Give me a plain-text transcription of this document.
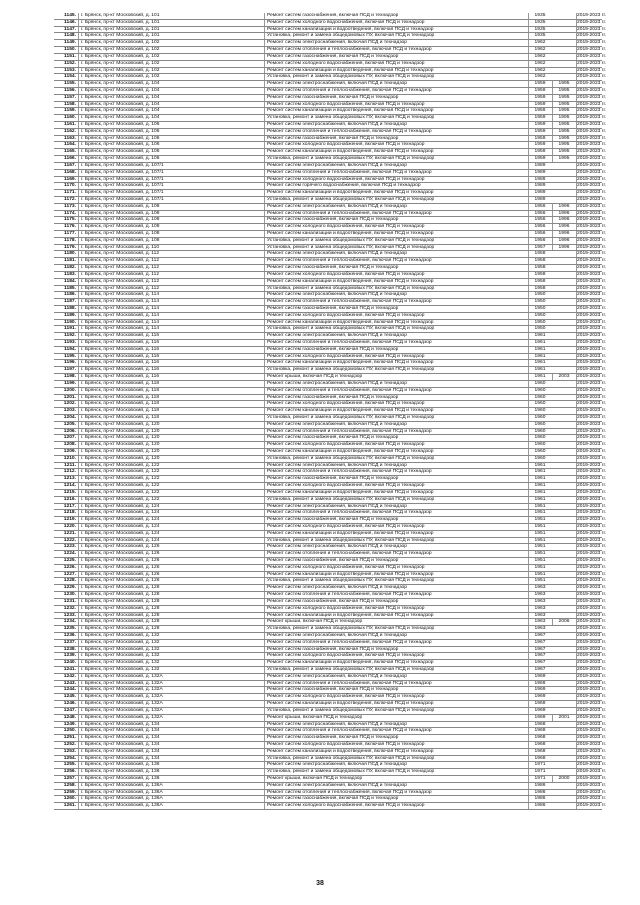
1145.	г. Брянск, пр-кт Московский, д. 101	Ремонт систем газоснабжения, включая ПСД и технадзор	1935	2019-2023 гг.
1146.	г. Брянск, пр-кт Московский, д. 101	Ремонт систем холодного водоснабжения, включая ПСД и технадзор	1935	2019-2023 гг.
1147.	г. Брянск, пр-кт Московский, д. 101	Ремонт систем канализации и водоотведения, включая ПСД и технадзор	1935	2019-2023 гг.
1148.	г. Брянск, пр-кт Московский, д. 101	Установка, ремонт и замена общедомовых ПУ, включая ПСД и технадзор	1935	2019-2023 гг.
1149.	г. Брянск, пр-кт Московский, д. 102	Ремонт систем электроснабжения, включая ПСД и технадзор	1962	2019-2023 гг.
1150.	г. Брянск, пр-кт Московский, д. 102	Ремонт систем отопления и теплоснабжения, включая ПСД и технадзор	1962	2019-2023 гг.
1151.	г. Брянск, пр-кт Московский, д. 102	Ремонт систем газоснабжения, включая ПСД и технадзор	1962	2019-2023 гг.
1152.	г. Брянск, пр-кт Московский, д. 102	Ремонт систем холодного водоснабжения, включая ПСД и технадзор	1962	2019-2023 гг.
1153.	г. Брянск, пр-кт Московский, д. 102	Ремонт систем канализации и водоотведения, включая ПСД и технадзор	1962	2019-2023 гг.
1154.	г. Брянск, пр-кт Московский, д. 102	Установка, ремонт и замена общедомовых ПУ, включая ПСД и технадзор	1962	2019-2023 гг.
1155.	г. Брянск, пр-кт Московский, д. 104	Ремонт систем электроснабжения, включая ПСД и технадзор	1959	1995	2019-2023 гг.
1156.	г. Брянск, пр-кт Московский, д. 104	Ремонт систем отопления и теплоснабжения, включая ПСД и технадзор	1959	1995	2019-2023 гг.
1157.	г. Брянск, пр-кт Московский, д. 104	Ремонт систем газоснабжения, включая ПСД и технадзор	1959	1995	2019-2023 гг.
1158.	г. Брянск, пр-кт Московский, д. 104	Ремонт систем холодного водоснабжения, включая ПСД и технадзор	1959	1995	2019-2023 гг.
1159.	г. Брянск, пр-кт Московский, д. 104	Ремонт систем канализации и водоотведения, включая ПСД и технадзор	1959	1995	2019-2023 гг.
1160.	г. Брянск, пр-кт Московский, д. 104	Установка, ремонт и замена общедомовых ПУ, включая ПСД и технадзор	1959	1995	2019-2023 гг.
1161.	г. Брянск, пр-кт Московский, д. 106	Ремонт систем электроснабжения, включая ПСД и технадзор	1959	1995	2019-2023 гг.
1162.	г. Брянск, пр-кт Московский, д. 106	Ремонт систем отопления и теплоснабжения, включая ПСД и технадзор	1959	1995	2019-2023 гг.
1163.	г. Брянск, пр-кт Московский, д. 106	Ремонт систем газоснабжения, включая ПСД и технадзор	1959	1995	2019-2023 гг.
1164.	г. Брянск, пр-кт Московский, д. 106	Ремонт систем холодного водоснабжения, включая ПСД и технадзор	1959	1995	2019-2023 гг.
1165.	г. Брянск, пр-кт Московский, д. 106	Ремонт систем канализации и водоотведения, включая ПСД и технадзор	1959	1995	2019-2023 гг.
1166.	г. Брянск, пр-кт Московский, д. 106	Установка, ремонт и замена общедомовых ПУ, включая ПСД и технадзор	1959	1995	2019-2023 гг.
1167.	г. Брянск, пр-кт Московский, д. 107/1	Ремонт систем электроснабжения, включая ПСД и технадзор	1989	2019-2023 гг.
1168.	г. Брянск, пр-кт Московский, д. 107/1	Ремонт систем отопления и теплоснабжения, включая ПСД и технадзор	1989	2019-2023 гг.
1169.	г. Брянск, пр-кт Московский, д. 107/1	Ремонт систем холодного водоснабжения, включая ПСД и технадзор	1989	2019-2023 гг.
1170.	г. Брянск, пр-кт Московский, д. 107/1	Ремонт систем горячего водоснабжения, включая ПСД и технадзор	1989	2019-2023 гг.
1171.	г. Брянск, пр-кт Московский, д. 107/1	Ремонт систем канализации и водоотведения, включая ПСД и технадзор	1989	2019-2023 гг.
1172.	г. Брянск, пр-кт Московский, д. 107/1	Установка, ремонт и замена общедомовых ПУ, включая ПСД и технадзор	1989	2019-2023 гг.
1173.	г. Брянск, пр-кт Московский, д. 108	Ремонт систем электроснабжения, включая ПСД и технадзор	1956	1996	2019-2023 гг.
1174.	г. Брянск, пр-кт Московский, д. 108	Ремонт систем отопления и теплоснабжения, включая ПСД и технадзор	1956	1996	2019-2023 гг.
1175.	г. Брянск, пр-кт Московский, д. 108	Ремонт систем газоснабжения, включая ПСД и технадзор	1956	1996	2019-2023 гг.
1176.	г. Брянск, пр-кт Московский, д. 108	Ремонт систем холодного водоснабжения, включая ПСД и технадзор	1956	1996	2019-2023 гг.
1177.	г. Брянск, пр-кт Московский, д. 108	Ремонт систем канализации и водоотведения, включая ПСД и технадзор	1956	1996	2019-2023 гг.
1178.	г. Брянск, пр-кт Московский, д. 108	Установка, ремонт и замена общедомовых ПУ, включая ПСД и технадзор	1956	1996	2019-2023 гг.
1179.	г. Брянск, пр-кт Московский, д. 110	Установка, ремонт и замена общедомовых ПУ, включая ПСД и технадзор	1957	1996	2019-2023 гг.
1180.	г. Брянск, пр-кт Московский, д. 112	Ремонт систем электроснабжения, включая ПСД и технадзор	1958	2019-2023 гг.
1181.	г. Брянск, пр-кт Московский, д. 112	Ремонт систем отопления и теплоснабжения, включая ПСД и технадзор	1958	2019-2023 гг.
1182.	г. Брянск, пр-кт Московский, д. 112	Ремонт систем газоснабжения, включая ПСД и технадзор	1958	2019-2023 гг.
1183.	г. Брянск, пр-кт Московский, д. 112	Ремонт систем холодного водоснабжения, включая ПСД и технадзор	1958	2019-2023 гг.
1184.	г. Брянск, пр-кт Московский, д. 112	Ремонт систем канализации и водоотведения, включая ПСД и технадзор	1958	2019-2023 гг.
1185.	г. Брянск, пр-кт Московский, д. 112	Установка, ремонт и замена общедомовых ПУ, включая ПСД и технадзор	1958	2019-2023 гг.
1186.	г. Брянск, пр-кт Московский, д. 114	Ремонт систем электроснабжения, включая ПСД и технадзор	1950	2019-2023 гг.
1187.	г. Брянск, пр-кт Московский, д. 114	Ремонт систем отопления и теплоснабжения, включая ПСД и технадзор	1950	2019-2023 гг.
1188.	г. Брянск, пр-кт Московский, д. 114	Ремонт систем газоснабжения, включая ПСД и технадзор	1950	2019-2023 гг.
1189.	г. Брянск, пр-кт Московский, д. 114	Ремонт систем холодного водоснабжения, включая ПСД и технадзор	1950	2019-2023 гг.
1190.	г. Брянск, пр-кт Московский, д. 114	Ремонт систем канализации и водоотведения, включая ПСД и технадзор	1950	2019-2023 гг.
1191.	г. Брянск, пр-кт Московский, д. 114	Установка, ремонт и замена общедомовых ПУ, включая ПСД и технадзор	1950	2019-2023 гг.
1192.	г. Брянск, пр-кт Московский, д. 116	Ремонт систем электроснабжения, включая ПСД и технадзор	1961	2019-2023 гг.
1193.	г. Брянск, пр-кт Московский, д. 116	Ремонт систем отопления и теплоснабжения, включая ПСД и технадзор	1961	2019-2023 гг.
1194.	г. Брянск, пр-кт Московский, д. 116	Ремонт систем газоснабжения, включая ПСД и технадзор	1961	2019-2023 гг.
1195.	г. Брянск, пр-кт Московский, д. 116	Ремонт систем холодного водоснабжения, включая ПСД и технадзор	1961	2019-2023 гг.
1196.	г. Брянск, пр-кт Московский, д. 116	Ремонт систем канализации и водоотведения, включая ПСД и технадзор	1961	2019-2023 гг.
1197.	г. Брянск, пр-кт Московский, д. 116	Установка, ремонт и замена общедомовых ПУ, включая ПСД и технадзор	1961	2019-2023 гг.
1198.	г. Брянск, пр-кт Московский, д. 116	Ремонт крыши, включая ПСД и технадзор	1961	2003	2019-2023 гг.
1199.	г. Брянск, пр-кт Московский, д. 118	Ремонт систем электроснабжения, включая ПСД и технадзор	1960	2019-2023 гг.
1200.	г. Брянск, пр-кт Московский, д. 118	Ремонт систем отопления и теплоснабжения, включая ПСД и технадзор	1960	2019-2023 гг.
1201.	г. Брянск, пр-кт Московский, д. 118	Ремонт систем газоснабжения, включая ПСД и технадзор	1960	2019-2023 гг.
1202.	г. Брянск, пр-кт Московский, д. 118	Ремонт систем холодного водоснабжения, включая ПСД и технадзор	1960	2019-2023 гг.
1203.	г. Брянск, пр-кт Московский, д. 118	Ремонт систем канализации и водоотведения, включая ПСД и технадзор	1960	2019-2023 гг.
1204.	г. Брянск, пр-кт Московский, д. 118	Установка, ремонт и замена общедомовых ПУ, включая ПСД и технадзор	1960	2019-2023 гг.
1205.	г. Брянск, пр-кт Московский, д. 120	Ремонт систем электроснабжения, включая ПСД и технадзор	1960	2019-2023 гг.
1206.	г. Брянск, пр-кт Московский, д. 120	Ремонт систем отопления и теплоснабжения, включая ПСД и технадзор	1960	2019-2023 гг.
1207.	г. Брянск, пр-кт Московский, д. 120	Ремонт систем газоснабжения, включая ПСД и технадзор	1960	2019-2023 гг.
1208.	г. Брянск, пр-кт Московский, д. 120	Ремонт систем холодного водоснабжения, включая ПСД и технадзор	1960	2019-2023 гг.
1209.	г. Брянск, пр-кт Московский, д. 120	Ремонт систем канализации и водоотведения, включая ПСД и технадзор	1960	2019-2023 гг.
1210.	г. Брянск, пр-кт Московский, д. 120	Установка, ремонт и замена общедомовых ПУ, включая ПСД и технадзор	1960	2019-2023 гг.
1211.	г. Брянск, пр-кт Московский, д. 122	Ремонт систем электроснабжения, включая ПСД и технадзор	1961	2019-2023 гг.
1212.	г. Брянск, пр-кт Московский, д. 122	Ремонт систем отопления и теплоснабжения, включая ПСД и технадзор	1961	2019-2023 гг.
1213.	г. Брянск, пр-кт Московский, д. 122	Ремонт систем газоснабжения, включая ПСД и технадзор	1961	2019-2023 гг.
1214.	г. Брянск, пр-кт Московский, д. 122	Ремонт систем холодного водоснабжения, включая ПСД и технадзор	1961	2019-2023 гг.
1215.	г. Брянск, пр-кт Московский, д. 122	Ремонт систем канализации и водоотведения, включая ПСД и технадзор	1961	2019-2023 гг.
1216.	г. Брянск, пр-кт Московский, д. 122	Установка, ремонт и замена общедомовых ПУ, включая ПСД и технадзор	1961	2019-2023 гг.
1217.	г. Брянск, пр-кт Московский, д. 124	Ремонт систем электроснабжения, включая ПСД и технадзор	1951	2019-2023 гг.
1218.	г. Брянск, пр-кт Московский, д. 124	Ремонт систем отопления и теплоснабжения, включая ПСД и технадзор	1951	2019-2023 гг.
1219.	г. Брянск, пр-кт Московский, д. 124	Ремонт систем газоснабжения, включая ПСД и технадзор	1951	2019-2023 гг.
1220.	г. Брянск, пр-кт Московский, д. 124	Ремонт систем холодного водоснабжения, включая ПСД и технадзор	1951	2019-2023 гг.
1221.	г. Брянск, пр-кт Московский, д. 124	Ремонт систем канализации и водоотведения, включая ПСД и технадзор	1951	2019-2023 гг.
1222.	г. Брянск, пр-кт Московский, д. 124	Установка, ремонт и замена общедомовых ПУ, включая ПСД и технадзор	1951	2019-2023 гг.
1223.	г. Брянск, пр-кт Московский, д. 126	Ремонт систем электроснабжения, включая ПСД и технадзор	1951	2019-2023 гг.
1224.	г. Брянск, пр-кт Московский, д. 126	Ремонт систем отопления и теплоснабжения, включая ПСД и технадзор	1951	2019-2023 гг.
1225.	г. Брянск, пр-кт Московский, д. 126	Ремонт систем газоснабжения, включая ПСД и технадзор	1951	2019-2023 гг.
1226.	г. Брянск, пр-кт Московский, д. 126	Ремонт систем холодного водоснабжения, включая ПСД и технадзор	1951	2019-2023 гг.
1227.	г. Брянск, пр-кт Московский, д. 126	Ремонт систем канализации и водоотведения, включая ПСД и технадзор	1951	2019-2023 гг.
1228.	г. Брянск, пр-кт Московский, д. 126	Установка, ремонт и замена общедомовых ПУ, включая ПСД и технадзор	1951	2019-2023 гг.
1229.	г. Брянск, пр-кт Московский, д. 128	Ремонт систем электроснабжения, включая ПСД и технадзор	1963	2019-2023 гг.
1230.	г. Брянск, пр-кт Московский, д. 128	Ремонт систем отопления и теплоснабжения, включая ПСД и технадзор	1963	2019-2023 гг.
1231.	г. Брянск, пр-кт Московский, д. 128	Ремонт систем газоснабжения, включая ПСД и технадзор	1963	2019-2023 гг.
1232.	г. Брянск, пр-кт Московский, д. 128	Ремонт систем холодного водоснабжения, включая ПСД и технадзор	1963	2019-2023 гг.
1233.	г. Брянск, пр-кт Московский, д. 128	Ремонт систем канализации и водоотведения, включая ПСД и технадзор	1963	2019-2023 гг.
1234.	г. Брянск, пр-кт Московский, д. 128	Ремонт крыши, включая ПСД и технадзор	1963	2006	2019-2023 гг.
1235.	г. Брянск, пр-кт Московский, д. 128	Установка, ремонт и замена общедомовых ПУ, включая ПСД и технадзор	1963	2019-2023 гг.
1236.	г. Брянск, пр-кт Московский, д. 132	Ремонт систем электроснабжения, включая ПСД и технадзор	1967	2019-2023 гг.
1237.	г. Брянск, пр-кт Московский, д. 132	Ремонт систем отопления и теплоснабжения, включая ПСД и технадзор	1967	2019-2023 гг.
1238.	г. Брянск, пр-кт Московский, д. 132	Ремонт систем газоснабжения, включая ПСД и технадзор	1967	2019-2023 гг.
1239.	г. Брянск, пр-кт Московский, д. 132	Ремонт систем холодного водоснабжения, включая ПСД и технадзор	1967	2019-2023 гг.
1240.	г. Брянск, пр-кт Московский, д. 132	Ремонт систем канализации и водоотведения, включая ПСД и технадзор	1967	2019-2023 гг.
1241.	г. Брянск, пр-кт Московский, д. 132	Установка, ремонт и замена общедомовых ПУ, включая ПСД и технадзор	1967	2019-2023 гг.
1242.	г. Брянск, пр-кт Московский, д. 132А	Ремонт систем электроснабжения, включая ПСД и технадзор	1969	2019-2023 гг.
1243.	г. Брянск, пр-кт Московский, д. 132А	Ремонт систем отопления и теплоснабжения, включая ПСД и технадзор	1969	2019-2023 гг.
1244.	г. Брянск, пр-кт Московский, д. 132А	Ремонт систем газоснабжения, включая ПСД и технадзор	1969	2019-2023 гг.
1245.	г. Брянск, пр-кт Московский, д. 132А	Ремонт систем холодного водоснабжения, включая ПСД и технадзор	1969	2019-2023 гг.
1246.	г. Брянск, пр-кт Московский, д. 132А	Ремонт систем канализации и водоотведения, включая ПСД и технадзор	1969	2019-2023 гг.
1247.	г. Брянск, пр-кт Московский, д. 132А	Установка, ремонт и замена общедомовых ПУ, включая ПСД и технадзор	1969	2019-2023 гг.
1248.	г. Брянск, пр-кт Московский, д. 132А	Ремонт крыши, включая ПСД и технадзор	1969	2001	2019-2023 гг.
1249.	г. Брянск, пр-кт Московский, д. 134	Ремонт систем электроснабжения, включая ПСД и технадзор	1968	2019-2023 гг.
1250.	г. Брянск, пр-кт Московский, д. 134	Ремонт систем отопления и теплоснабжения, включая ПСД и технадзор	1968	2019-2023 гг.
1251.	г. Брянск, пр-кт Московский, д. 134	Ремонт систем газоснабжения, включая ПСД и технадзор	1968	2019-2023 гг.
1252.	г. Брянск, пр-кт Московский, д. 134	Ремонт систем холодного водоснабжения, включая ПСД и технадзор	1968	2019-2023 гг.
1253.	г. Брянск, пр-кт Московский, д. 134	Ремонт систем канализации и водоотведения, включая ПСД и технадзор	1968	2019-2023 гг.
1254.	г. Брянск, пр-кт Московский, д. 134	Установка, ремонт и замена общедомовых ПУ, включая ПСД и технадзор	1968	2019-2023 гг.
1255.	г. Брянск, пр-кт Московский, д. 136	Ремонт систем электроснабжения, включая ПСД и технадзор	1971	2019-2023 гг.
1256.	г. Брянск, пр-кт Московский, д. 136	Установка, ремонт и замена общедомовых ПУ, включая ПСД и технадзор	1971	2019-2023 гг.
1257.	г. Брянск, пр-кт Московский, д. 136	Ремонт крыши, включая ПСД и технадзор	1971	2000	2019-2023 гг.
1258.	г. Брянск, пр-кт Московский, д. 136А	Ремонт систем электроснабжения, включая ПСД и технадзор	1986	2019-2023 гг.
1259.	г. Брянск, пр-кт Московский, д. 136А	Ремонт систем отопления и теплоснабжения, включая ПСД и технадзор	1986	2019-2023 гг.
1260.	г. Брянск, пр-кт Московский, д. 136А	Ремонт систем газоснабжения, включая ПСД и технадзор	1986	2019-2023 гг.
1261.	г. Брянск, пр-кт Московский, д. 136А	Ремонт систем холодного водоснабжения, включая ПСД и технадзор	1986	2019-2023 гг.
38
